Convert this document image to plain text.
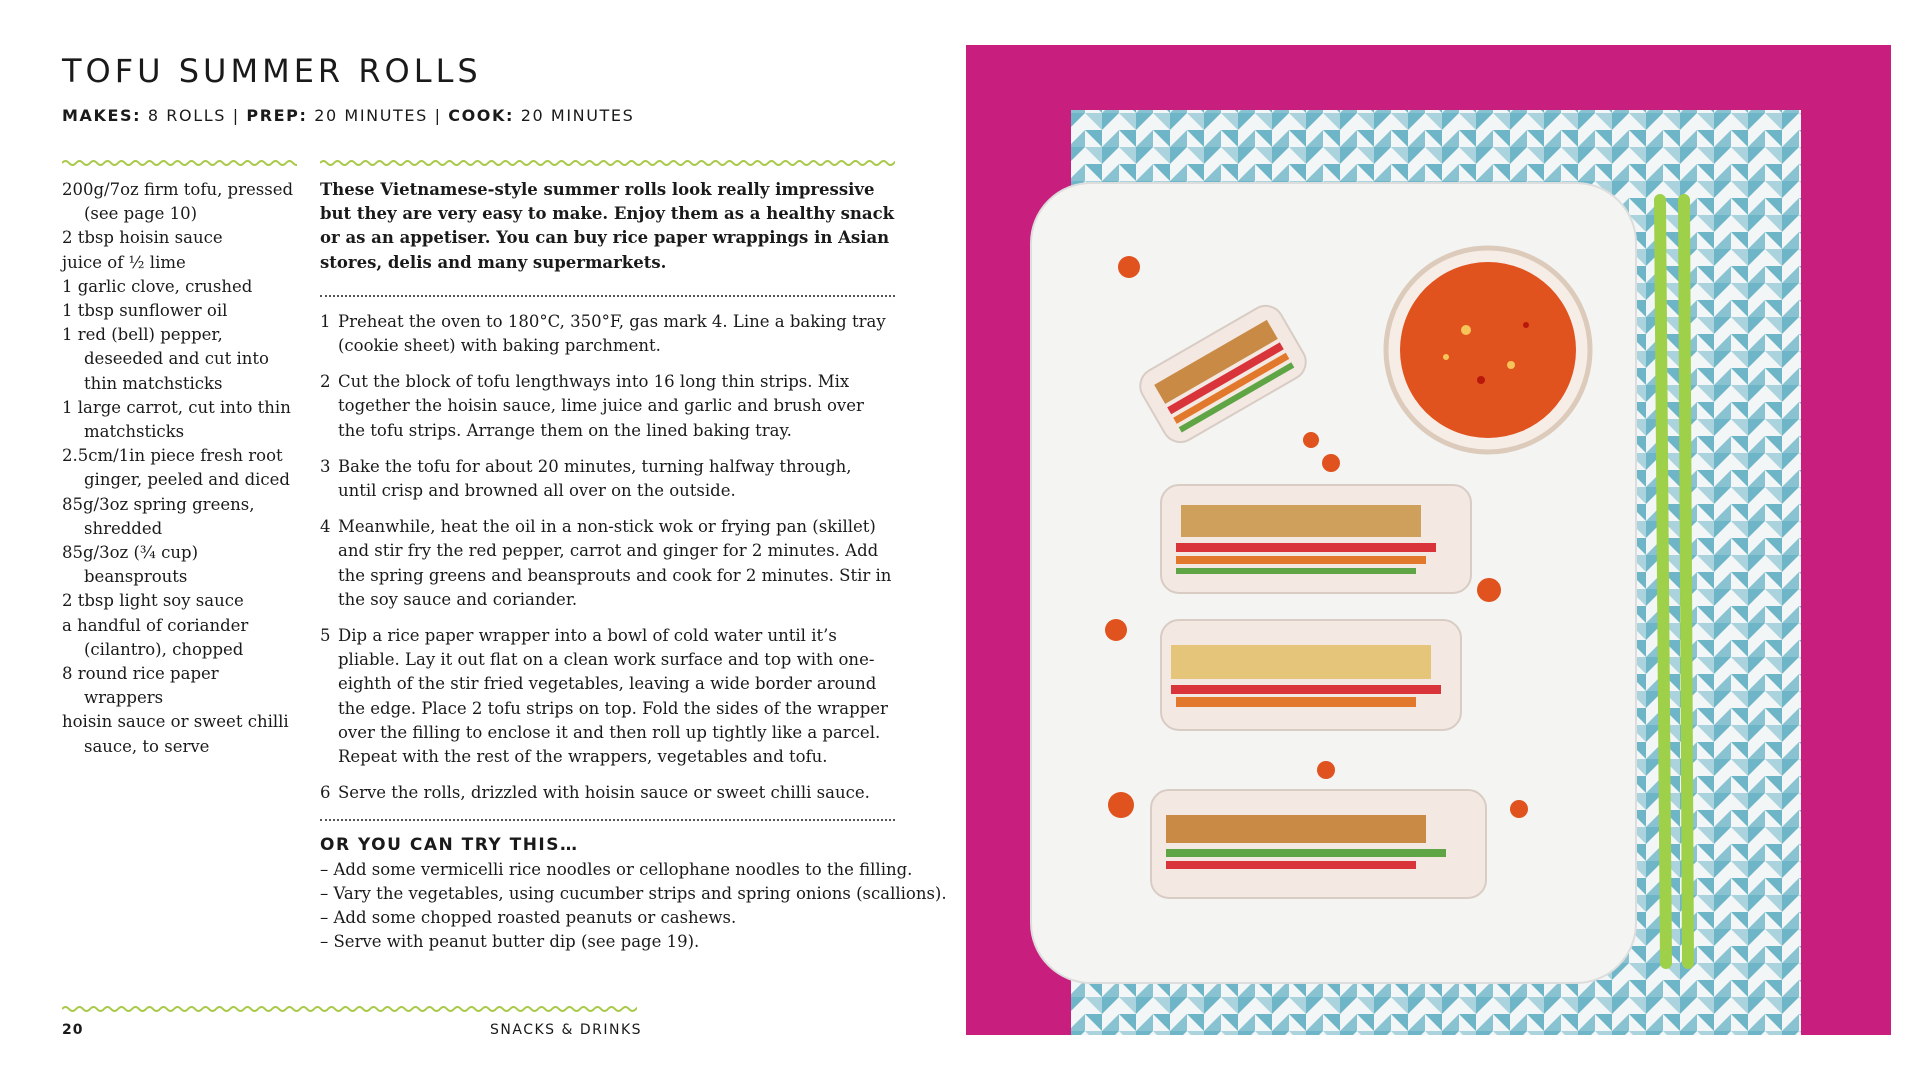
TOFU SUMMER ROLLS
MAKES: 8 ROLLS | PREP: 20 MINUTES | COOK: 20 MINUTES
200g/7oz firm tofu, pressed (see page 10)
2 tbsp hoisin sauce
juice of ½ lime
1 garlic clove, crushed
1 tbsp sunflower oil
1 red (bell) pepper, deseeded and cut into thin matchsticks
1 large carrot, cut into thin matchsticks
2.5cm/1in piece fresh root ginger, peeled and diced
85g/3oz spring greens, shredded
85g/3oz (¾ cup) beansprouts
2 tbsp light soy sauce
a handful of coriander (cilantro), chopped
8 round rice paper wrappers
hoisin sauce or sweet chilli sauce, to serve

These Vietnamese-style summer rolls look really impressive but they are very easy to make. Enjoy them as a healthy snack or as an appetiser. You can buy rice paper wrappings in Asian stores, delis and many supermarkets.

1 Preheat the oven to 180°C, 350°F, gas mark 4. Line a baking tray (cookie sheet) with baking parchment.
2 Cut the block of tofu lengthways into 16 long thin strips. Mix together the hoisin sauce, lime juice and garlic and brush over the tofu strips. Arrange them on the lined baking tray.
3 Bake the tofu for about 20 minutes, turning halfway through, until crisp and browned all over on the outside.
4 Meanwhile, heat the oil in a non-stick wok or frying pan (skillet) and stir fry the red pepper, carrot and ginger for 2 minutes. Add the spring greens and beansprouts and cook for 2 minutes. Stir in the soy sauce and coriander.
5 Dip a rice paper wrapper into a bowl of cold water until it’s pliable. Lay it out flat on a clean work surface and top with one-eighth of the stir fried vegetables, leaving a wide border around the edge. Place 2 tofu strips on top. Fold the sides of the wrapper over the filling to enclose it and then roll up tightly like a parcel. Repeat with the rest of the wrappers, vegetables and tofu.
6 Serve the rolls, drizzled with hoisin sauce or sweet chilli sauce.
OR YOU CAN TRY THIS…
– Add some vermicelli rice noodles or cellophane noodles to the filling.
– Vary the vegetables, using cucumber strips and spring onions (scallions).
– Add some chopped roasted peanuts or cashews.
– Serve with peanut butter dip (see page 19).
20	SNACKS & DRINKS
